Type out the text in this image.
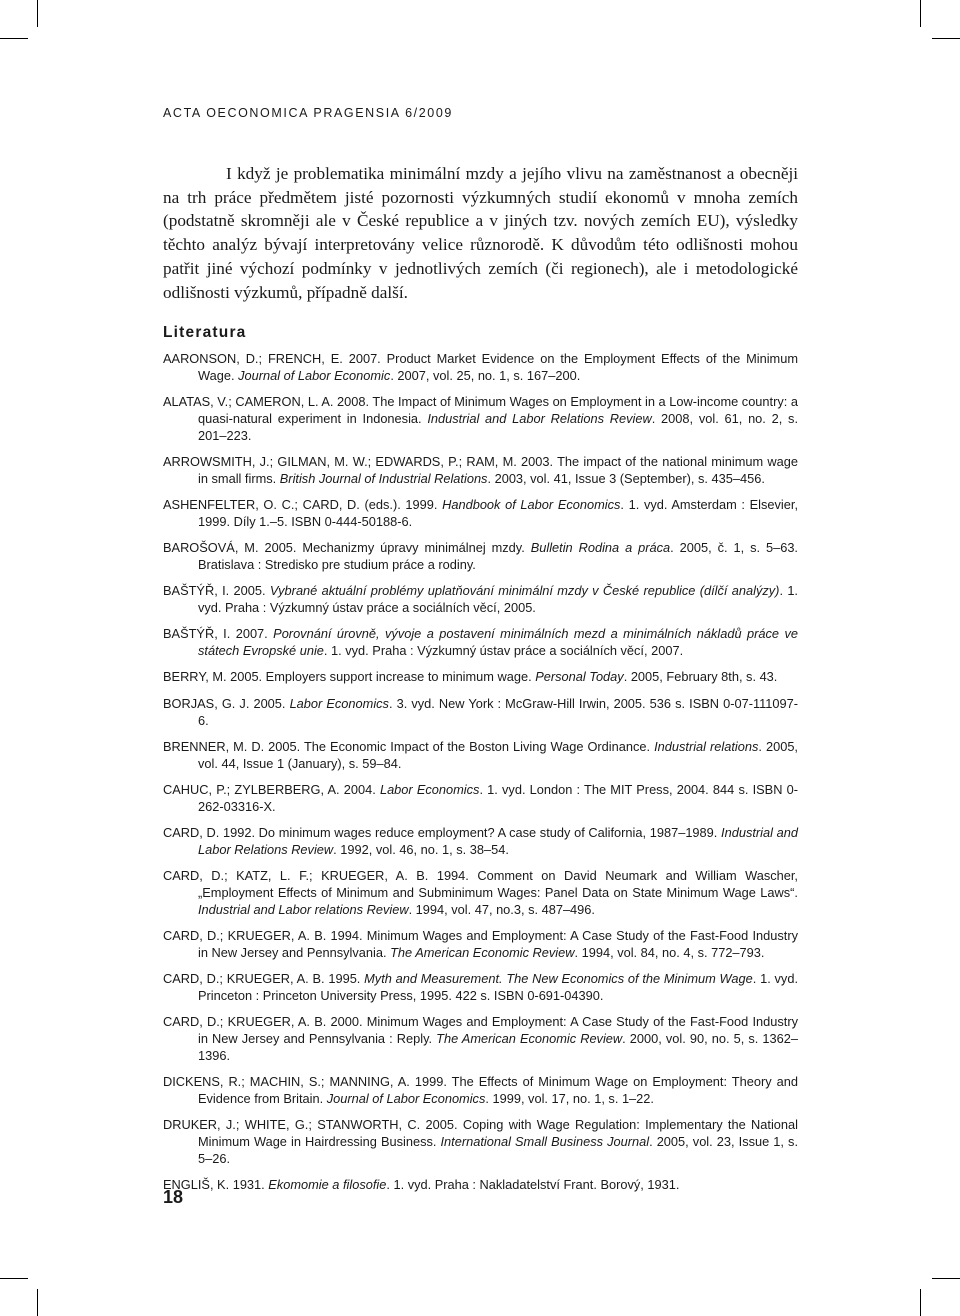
ACTA OECONOMICA PRAGENSIA 6/2009

I když je problematika minimální mzdy a jejího vlivu na zaměstnanost a obecněji na trh práce předmětem jisté pozornosti výzkumných studií ekonomů v mnoha zemích (podstatně skromněji ale v České republice a v jiných tzv. nových zemích EU), výsledky těchto analýz bývají interpretovány velice různorodě. K důvodům této odlišnosti mohou patřit jiné výchozí podmínky v jednotlivých zemích (či regionech), ale i metodologické odlišnosti výzkumů, případně další.

Literatura
AARONSON, D.; FRENCH, E. 2007. Product Market Evidence on the Employment Effects of the Minimum Wage. Journal of Labor Economic. 2007, vol. 25, no. 1, s. 167–200.
ALATAS, V.; CAMERON, L. A. 2008. The Impact of Minimum Wages on Employment in a Low-income country: a quasi-natural experiment in Indonesia. Industrial and Labor Relations Review. 2008, vol. 61, no. 2, s. 201–223.
ARROWSMITH, J.; GILMAN, M. W.; EDWARDS, P.; RAM, M. 2003. The impact of the national minimum wage in small firms. British Journal of Industrial Relations. 2003, vol. 41, Issue 3 (September), s. 435–456.
ASHENFELTER, O. C.; CARD, D. (eds.). 1999. Handbook of Labor Economics. 1. vyd. Amsterdam : Elsevier, 1999. Díly 1.–5. ISBN 0-444-50188-6.
BAROŠOVÁ, M. 2005. Mechanizmy úpravy minimálnej mzdy. Bulletin Rodina a práca. 2005, č. 1, s. 5–63. Bratislava : Stredisko pre studium práce a rodiny.
BAŠTÝŘ, I. 2005. Vybrané aktuální problémy uplatňování minimální mzdy v České republice (dílčí analýzy). 1. vyd. Praha : Výzkumný ústav práce a sociálních věcí, 2005.
BAŠTÝŘ, I. 2007. Porovnání úrovně, vývoje a postavení minimálních mezd a minimálních nákladů práce ve státech Evropské unie. 1. vyd. Praha : Výzkumný ústav práce a sociálních věcí, 2007.
BERRY, M. 2005. Employers support increase to minimum wage. Personal Today. 2005, February 8th, s. 43.
BORJAS, G. J. 2005. Labor Economics. 3. vyd. New York : McGraw-Hill Irwin, 2005. 536 s. ISBN 0-07-111097-6.
BRENNER, M. D. 2005. The Economic Impact of the Boston Living Wage Ordinance. Industrial relations. 2005, vol. 44, Issue 1 (January), s. 59–84.
CAHUC, P.; ZYLBERBERG, A. 2004. Labor Economics. 1. vyd. London : The MIT Press, 2004. 844 s. ISBN 0-262-03316-X.
CARD, D. 1992. Do minimum wages reduce employment? A case study of California, 1987–1989. Industrial and Labor Relations Review. 1992, vol. 46, no. 1, s. 38–54.
CARD, D.; KATZ, L. F.; KRUEGER, A. B. 1994. Comment on David Neumark and William Wascher, „Employment Effects of Minimum and Subminimum Wages: Panel Data on State Minimum Wage Laws“. Industrial and Labor relations Review. 1994, vol. 47, no.3, s. 487–496.
CARD, D.; KRUEGER, A. B. 1994. Minimum Wages and Employment: A Case Study of the Fast-Food Industry in New Jersey and Pennsylvania. The American Economic Review. 1994, vol. 84, no. 4, s. 772–793.
CARD, D.; KRUEGER, A. B. 1995. Myth and Measurement. The New Economics of the Minimum Wage. 1. vyd. Princeton : Princeton University Press, 1995. 422 s. ISBN 0-691-04390.
CARD, D.; KRUEGER, A. B. 2000. Minimum Wages and Employment: A Case Study of the Fast-Food Industry in New Jersey and Pennsylvania : Reply. The American Economic Review. 2000, vol. 90, no. 5, s. 1362–1396.
DICKENS, R.; MACHIN, S.; MANNING, A. 1999. The Effects of Minimum Wage on Employment: Theory and Evidence from Britain. Journal of Labor Economics. 1999, vol. 17, no. 1, s. 1–22.
DRUKER, J.; WHITE, G.; STANWORTH, C. 2005. Coping with Wage Regulation: Implementary the National Minimum Wage in Hairdressing Business. International Small Business Journal. 2005, vol. 23, Issue 1, s. 5–26.
ENGLIŠ, K. 1931. Ekomomie a filosofie. 1. vyd. Praha : Nakladatelství Frant. Borový, 1931.
18
